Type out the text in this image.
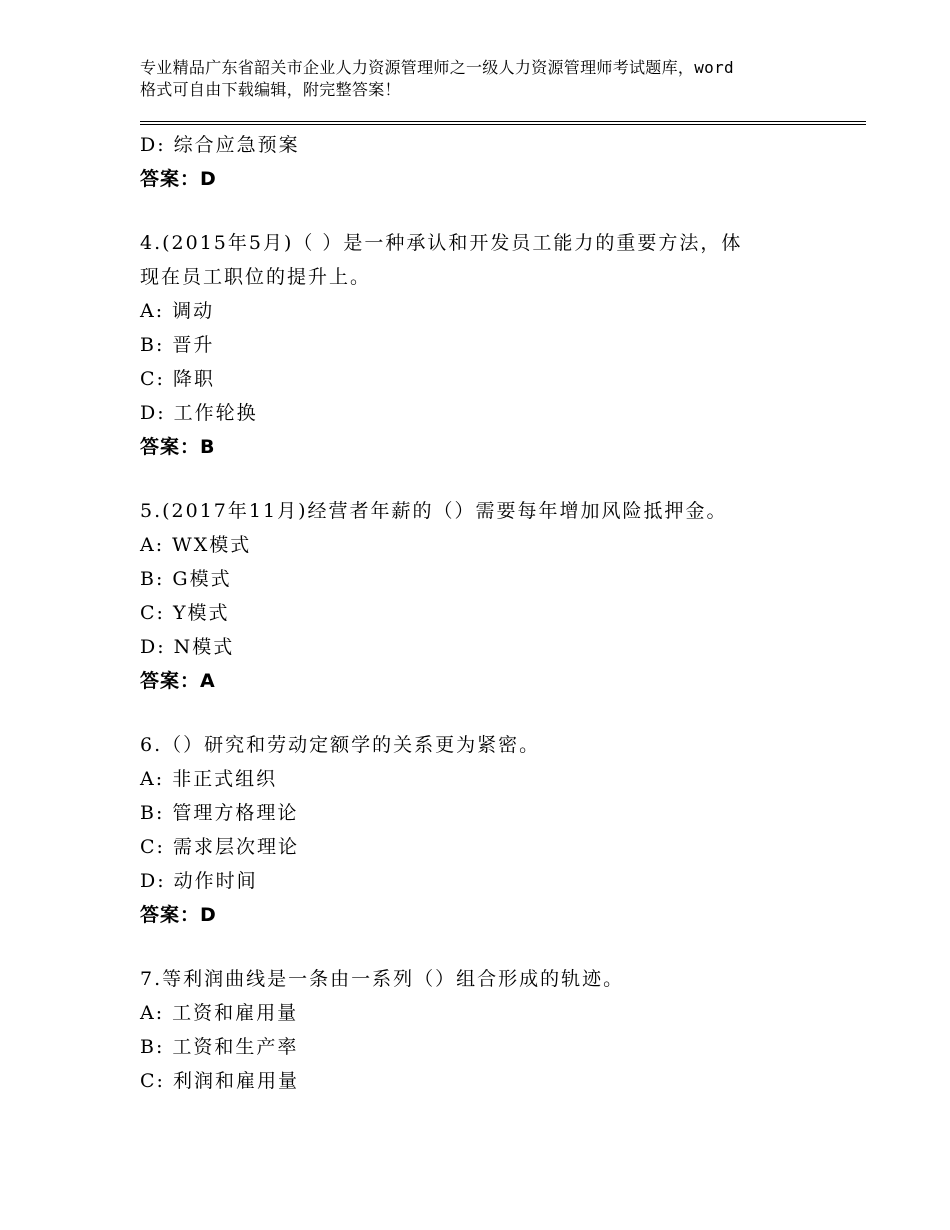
专业精品广东省韶关市企业人力资源管理师之一级人力资源管理师考试题库，word
格式可自由下载编辑，附完整答案！
D: 综合应急预案
答案：D
4.(2015年5月)（ ）是一种承认和开发员工能力的重要方法，体
现在员工职位的提升上。
A: 调动
B: 晋升
C: 降职
D: 工作轮换
答案：B
5.(2017年11月)经营者年薪的（）需要每年增加风险抵押金。
A: WX模式
B: G模式
C: Y模式
D: N模式
答案：A
6.（）研究和劳动定额学的关系更为紧密。
A: 非正式组织
B: 管理方格理论
C: 需求层次理论
D: 动作时间
答案：D
7.等利润曲线是一条由一系列（）组合形成的轨迹。
A: 工资和雇用量
B: 工资和生产率
C: 利润和雇用量
